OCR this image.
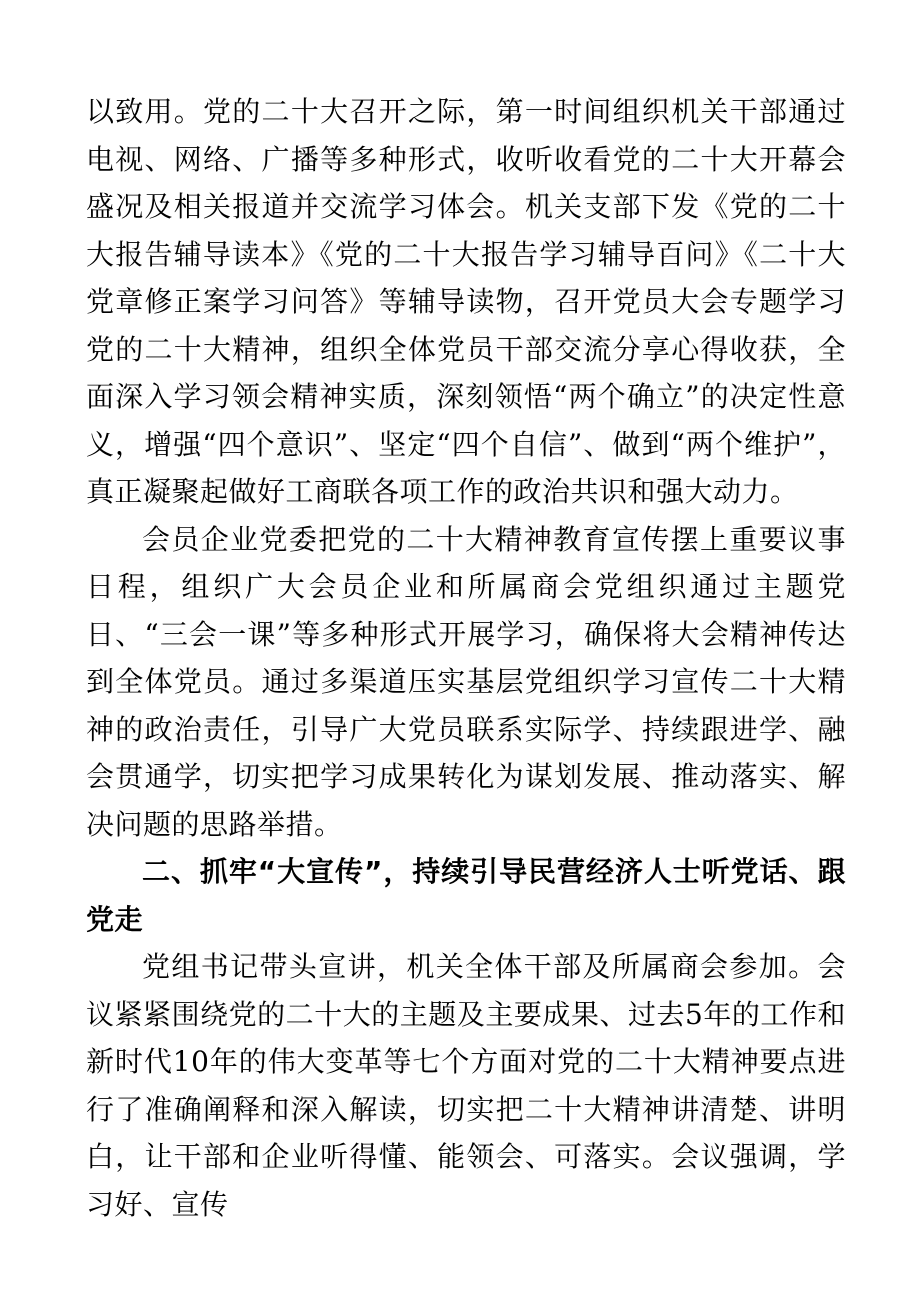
以致用。党的二十大召开之际，第一时间组织机关干部通过电视、网络、广播等多种形式，收听收看党的二十大开幕会盛况及相关报道并交流学习体会。机关支部下发《党的二十大报告辅导读本》《党的二十大报告学习辅导百问》《二十大党章修正案学习问答》等辅导读物，召开党员大会专题学习党的二十大精神，组织全体党员干部交流分享心得收获，全面深入学习领会精神实质，深刻领悟“两个确立”的决定性意义，增强“四个意识”、坚定“四个自信”、做到“两个维护”，真正凝聚起做好工商联各项工作的政治共识和强大动力。

会员企业党委把党的二十大精神教育宣传摆上重要议事日程，组织广大会员企业和所属商会党组织通过主题党日、“三会一课”等多种形式开展学习，确保将大会精神传达到全体党员。通过多渠道压实基层党组织学习宣传二十大精神的政治责任，引导广大党员联系实际学、持续跟进学、融会贯通学，切实把学习成果转化为谋划发展、推动落实、解决问题的思路举措。

二、抓牢“大宣传”，持续引导民营经济人士听党话、跟党走

党组书记带头宣讲，机关全体干部及所属商会参加。会议紧紧围绕党的二十大的主题及主要成果、过去5年的工作和新时代10年的伟大变革等七个方面对党的二十大精神要点进行了准确阐释和深入解读，切实把二十大精神讲清楚、讲明白，让干部和企业听得懂、能领会、可落实。会议强调，学习好、宣传
